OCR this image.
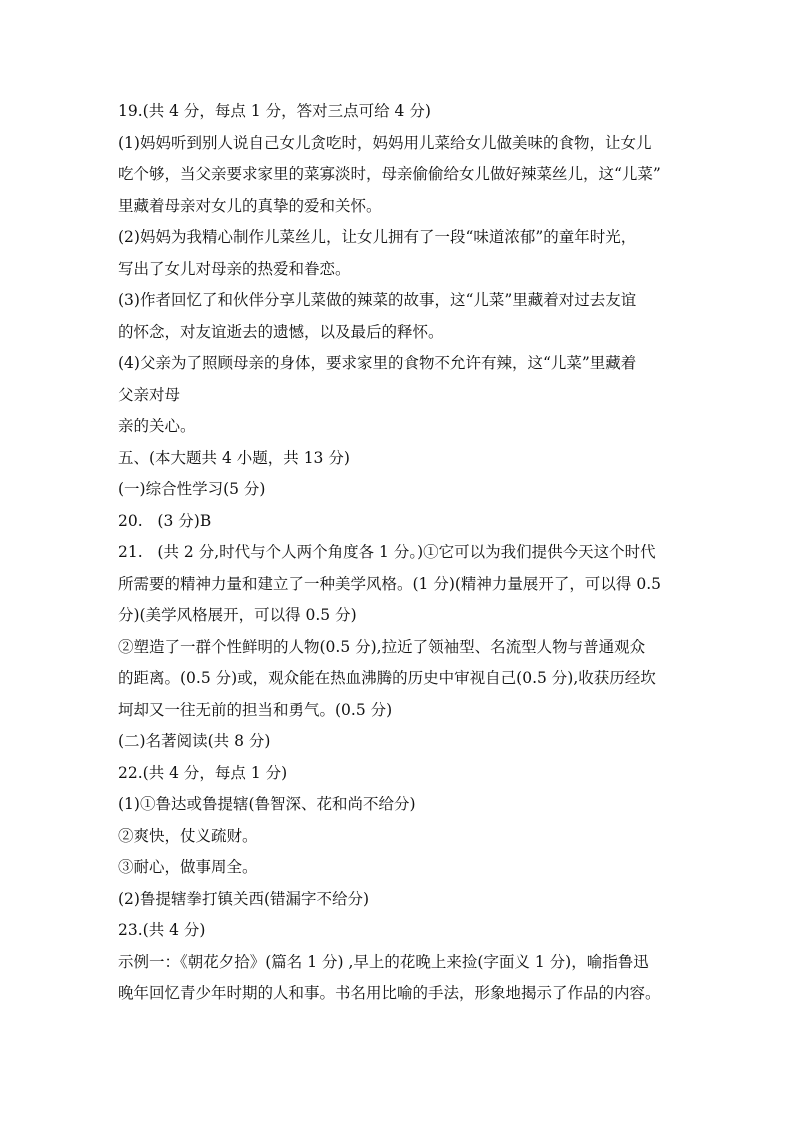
19.(共 4 分，每点 1 分，答对三点可给 4 分)

(1)妈妈听到别人说自己女儿贪吃时，妈妈用儿菜给女儿做美味的食物，让女儿

吃个够，当父亲要求家里的菜寡淡时，母亲偷偷给女儿做好辣菜丝儿，这“儿菜”

里藏着母亲对女儿的真挚的爱和关怀。

(2)妈妈为我精心制作儿菜丝儿，让女儿拥有了一段“味道浓郁”的童年时光，

写出了女儿对母亲的热爱和眷恋。

(3)作者回忆了和伙伴分享儿菜做的辣菜的故事，这“儿菜”里藏着对过去友谊

的怀念，对友谊逝去的遗憾，以及最后的释怀。

(4)父亲为了照顾母亲的身体，要求家里的食物不允许有辣，这“儿菜”里藏着

父亲对母

亲的关心。

五、(本大题共 4 小题，共 13 分)

(一)综合性学习(5 分)

20.   (3 分)B

21.   (共 2 分,时代与个人两个角度各 1 分。)①它可以为我们提供今天这个时代

所需要的精神力量和建立了一种美学风格。(1 分)(精神力量展开了，可以得 0.5

分)(美学风格展开，可以得 0.5 分)

②塑造了一群个性鲜明的人物(0.5 分),拉近了领袖型、名流型人物与普通观众

的距离。(0.5 分)或，观众能在热血沸腾的历史中审视自己(0.5 分),收获历经坎

坷却又一往无前的担当和勇气。(0.5 分)

(二)名著阅读(共 8 分)

22.(共 4 分，每点 1 分)

(1)①鲁达或鲁提辖(鲁智深、花和尚不给分)

②爽快，仗义疏财。

③耐心，做事周全。

(2)鲁提辖拳打镇关西(错漏字不给分)

23.(共 4 分)

示例一：《朝花夕拾》(篇名 1 分) ,早上的花晚上来捡(字面义 1 分)，喻指鲁迅

晚年回忆青少年时期的人和事。书名用比喻的手法，形象地揭示了作品的内容。
